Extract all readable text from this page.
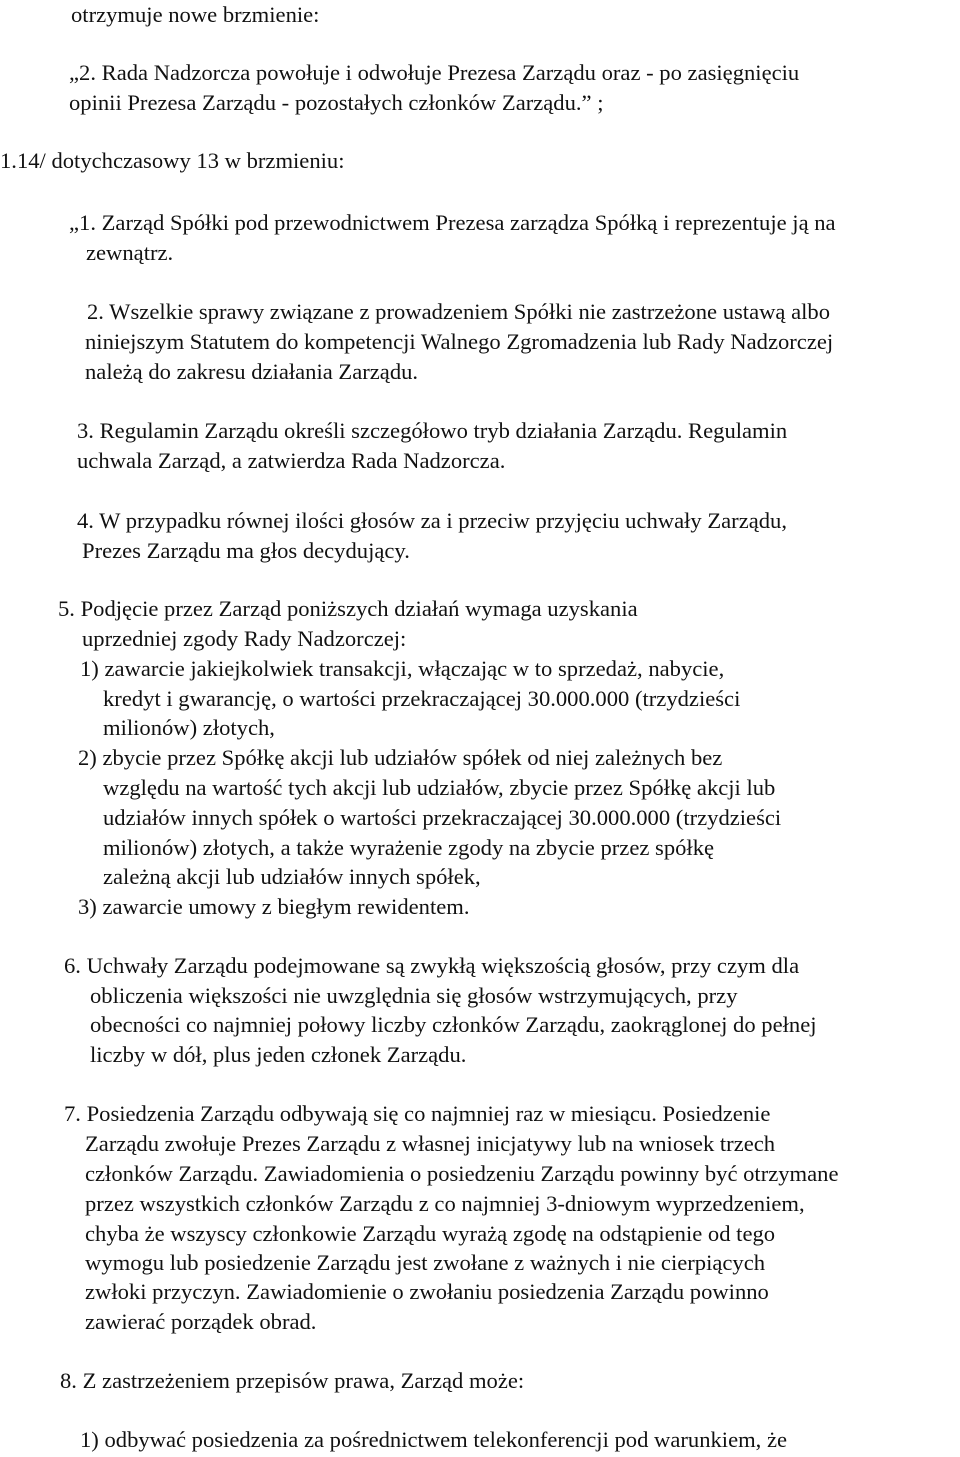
otrzymuje nowe brzmienie:
„2. Rada Nadzorcza powołuje i odwołuje Prezesa Zarządu oraz - po zasięgnięciu
opinii Prezesa Zarządu - pozostałych członków Zarządu.” ;
1.14/ dotychczasowy 13 w brzmieniu:
„1. Zarząd Spółki pod przewodnictwem Prezesa zarządza Spółką i reprezentuje ją na
zewnątrz.
2. Wszelkie sprawy związane z prowadzeniem Spółki nie zastrzeżone ustawą albo
niniejszym Statutem do kompetencji Walnego Zgromadzenia lub Rady Nadzorczej
należą do zakresu działania Zarządu.
3. Regulamin Zarządu określi szczegółowo tryb działania Zarządu. Regulamin
uchwala Zarząd, a zatwierdza Rada Nadzorcza.
4. W przypadku równej ilości głosów za i przeciw przyjęciu uchwały Zarządu,
Prezes Zarządu ma głos decydujący.
5. Podjęcie przez Zarząd poniższych działań wymaga uzyskania
uprzedniej zgody Rady Nadzorczej:
1) zawarcie jakiejkolwiek transakcji, włączając w to sprzedaż, nabycie,
kredyt i gwarancję, o wartości przekraczającej 30.000.000 (trzydzieści
milionów) złotych,
2) zbycie przez Spółkę akcji lub udziałów spółek od niej zależnych bez
względu na wartość tych akcji lub udziałów, zbycie przez Spółkę akcji lub
udziałów innych spółek o wartości przekraczającej 30.000.000 (trzydzieści
milionów) złotych, a także wyrażenie zgody na zbycie przez spółkę
zależną akcji lub udziałów innych spółek,
3) zawarcie umowy z biegłym rewidentem.
6. Uchwały Zarządu podejmowane są zwykłą większością głosów, przy czym dla
obliczenia większości nie uwzględnia się głosów wstrzymujących, przy
obecności co najmniej połowy liczby członków Zarządu, zaokrąglonej do pełnej
liczby w dół, plus jeden członek Zarządu.
7. Posiedzenia Zarządu odbywają się co najmniej raz w miesiącu. Posiedzenie
Zarządu zwołuje Prezes Zarządu z własnej inicjatywy lub na wniosek trzech
członków Zarządu. Zawiadomienia o posiedzeniu Zarządu powinny być otrzymane
przez wszystkich członków Zarządu z co najmniej 3-dniowym wyprzedzeniem,
chyba że wszyscy członkowie Zarządu wyrażą zgodę na odstąpienie od tego
wymogu lub posiedzenie Zarządu jest zwołane z ważnych i nie cierpiących
zwłoki przyczyn. Zawiadomienie o zwołaniu posiedzenia Zarządu powinno
zawierać porządek obrad.
8. Z zastrzeżeniem przepisów prawa, Zarząd może:
1) odbywać posiedzenia za pośrednictwem telekonferencji pod warunkiem, że
